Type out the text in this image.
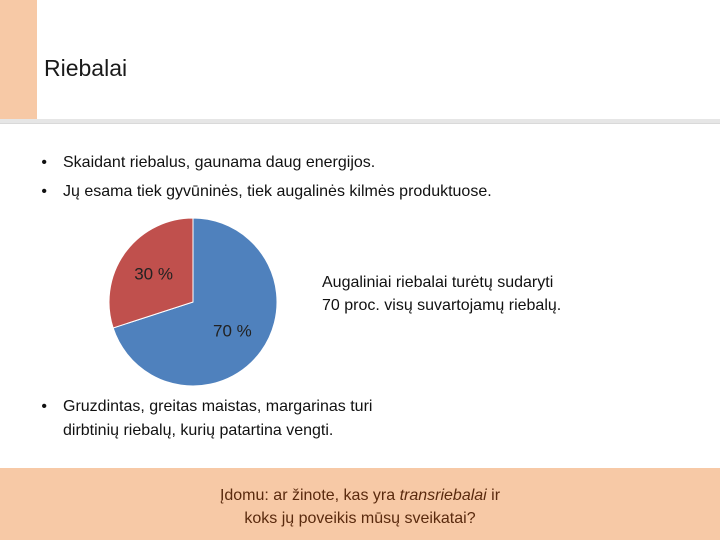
Riebalai
• Skaidant riebalus, gaunama daug energijos.
• Jų esama tiek gyvūninės, tiek augalinės kilmės produktuose.
70 %
30 %	Augaliniai riebalai turėtų sudaryti
70 proc. visų suvartojamų riebalų.

• Gruzdintas, greitas maistas, margarinas turi
dirbtinių riebalų, kurių patartina vengti.
Įdomu: ar žinote, kas yra transriebalai ir
koks jų poveikis mūsų sveikatai?
